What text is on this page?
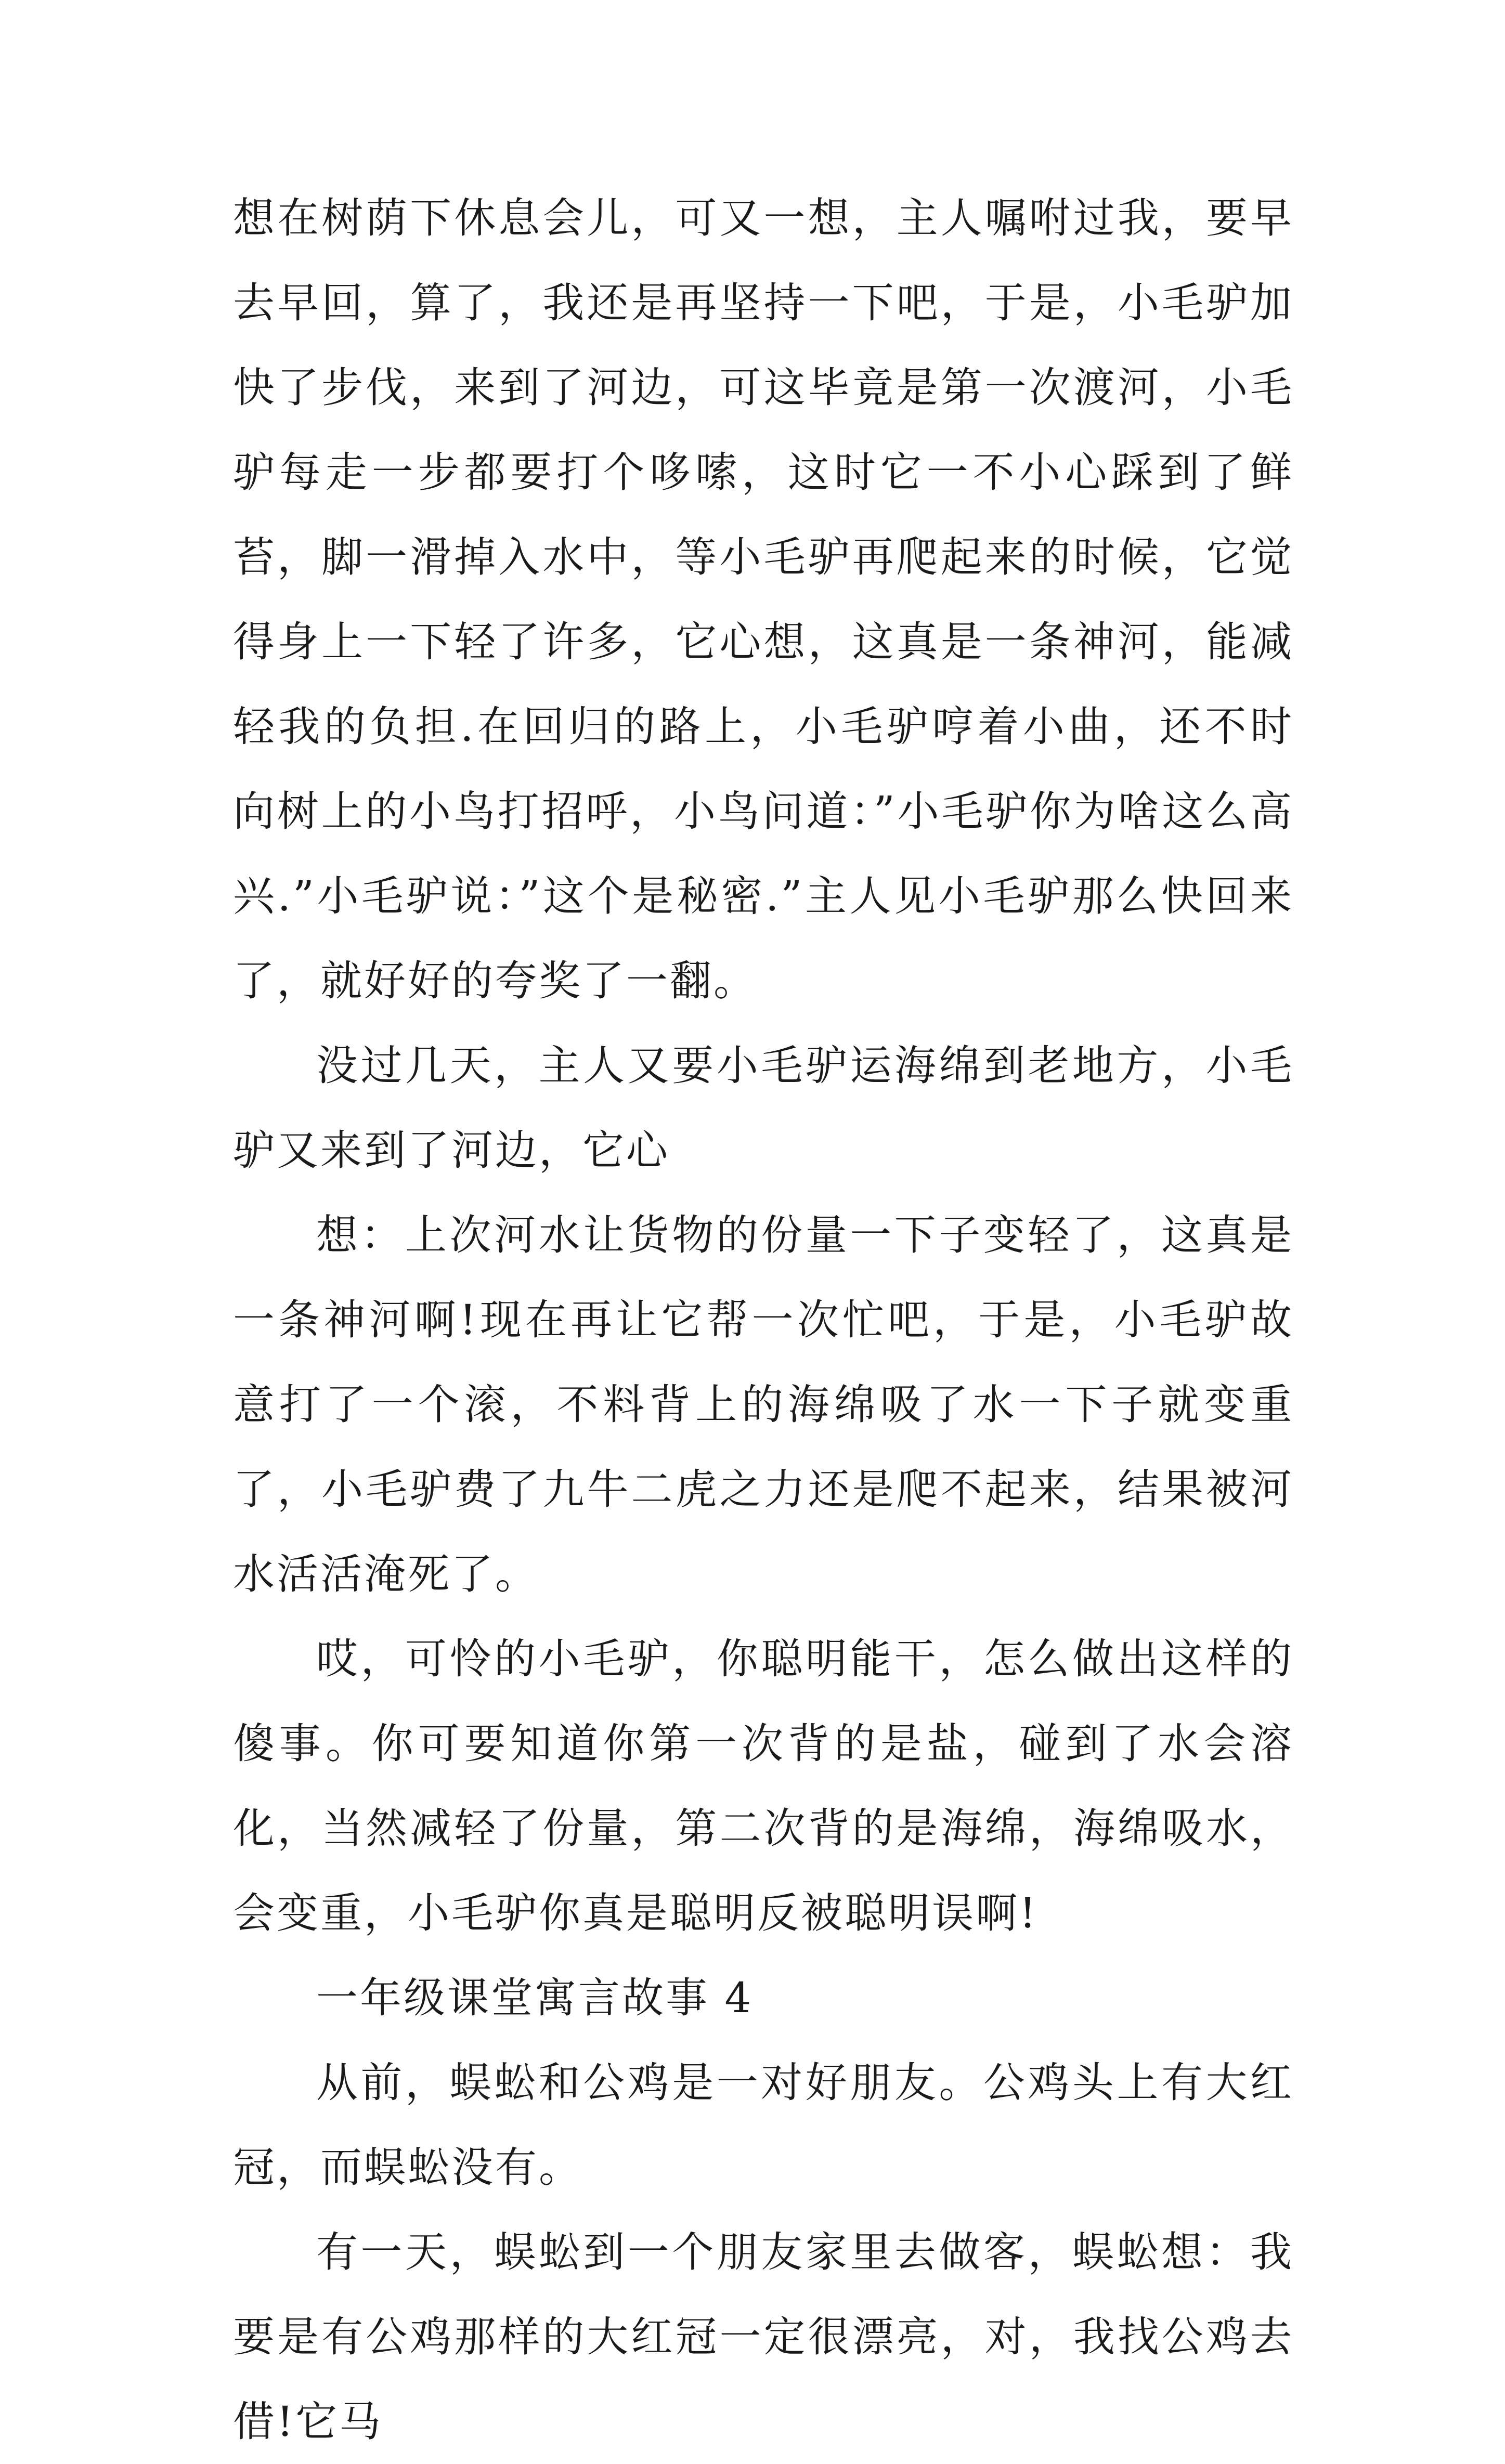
想在树荫下休息会儿，可又一想，主人嘱咐过我，要早去早回，算了，我还是再坚持一下吧，于是，小毛驴加快了步伐，来到了河边，可这毕竟是第一次渡河，小毛驴每走一步都要打个哆嗦，这时它一不小心踩到了鲜苔，脚一滑掉入水中，等小毛驴再爬起来的时候，它觉得身上一下轻了许多，它心想，这真是一条神河，能减轻我的负担.在回归的路上，小毛驴哼着小曲，还不时向树上的小鸟打招呼，小鸟问道：”小毛驴你为啥这么高兴.”小毛驴说：”这个是秘密.”主人见小毛驴那么快回来了，就好好的夸奖了一翻。

没过几天，主人又要小毛驴运海绵到老地方，小毛驴又来到了河边，它心

想：上次河水让货物的份量一下子变轻了，这真是一条神河啊!现在再让它帮一次忙吧，于是，小毛驴故意打了一个滚，不料背上的海绵吸了水一下子就变重了，小毛驴费了九牛二虎之力还是爬不起来，结果被河水活活淹死了。

哎，可怜的小毛驴，你聪明能干，怎么做出这样的傻事。你可要知道你第一次背的是盐，碰到了水会溶化，当然减轻了份量，第二次背的是海绵，海绵吸水，会变重，小毛驴你真是聪明反被聪明误啊!

一年级课堂寓言故事 4

从前，蜈蚣和公鸡是一对好朋友。公鸡头上有大红冠，而蜈蚣没有。

有一天，蜈蚣到一个朋友家里去做客，蜈蚣想：我要是有公鸡那样的大红冠一定很漂亮，对，我找公鸡去借!它马
